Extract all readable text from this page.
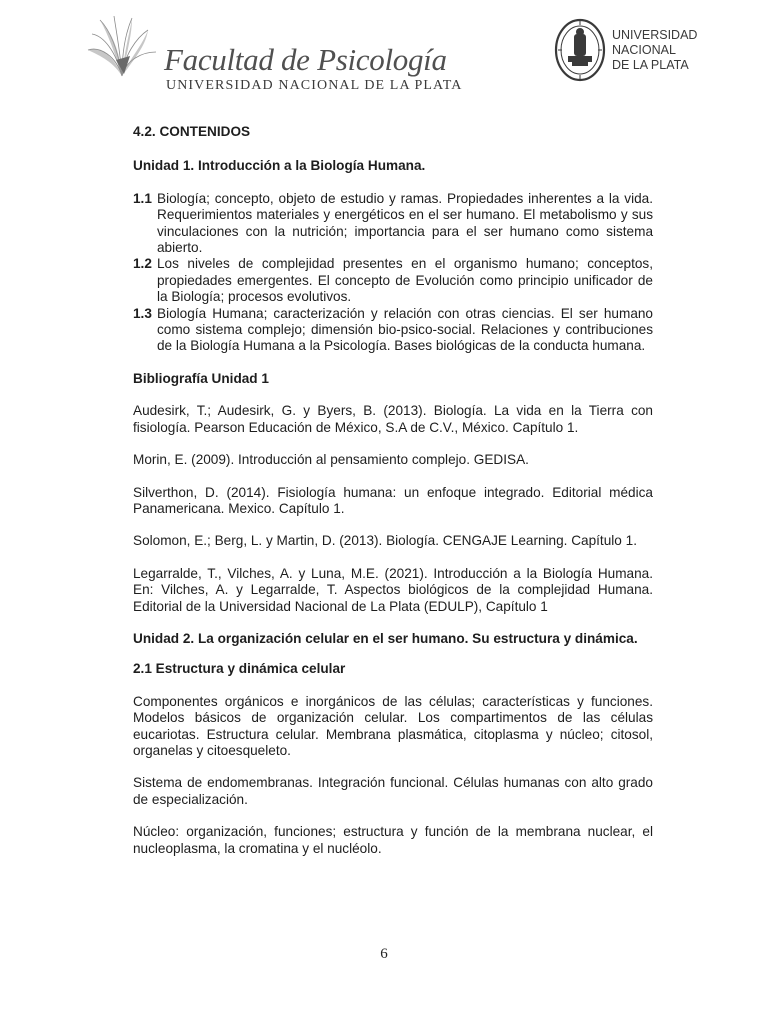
Facultad de Psicología
UNIVERSIDAD NACIONAL DE LA PLATA
UNIVERSIDAD
NACIONAL
DE LA PLATA

4.2. CONTENIDOS

Unidad 1. Introducción a la Biología Humana.

1.1 Biología; concepto, objeto de estudio y ramas. Propiedades inherentes a la vida. Requerimientos materiales y energéticos en el ser humano. El metabolismo y sus vinculaciones con la nutrición; importancia para el ser humano como sistema abierto.
1.2 Los niveles de complejidad presentes en el organismo humano; conceptos, propiedades emergentes. El concepto de Evolución como principio unificador de la Biología; procesos evolutivos.
1.3 Biología Humana; caracterización y relación con otras ciencias. El ser humano como sistema complejo; dimensión bio-psico-social. Relaciones y contribuciones de la Biología Humana a la Psicología. Bases biológicas de la conducta humana.

Bibliografía Unidad 1

Audesirk, T.; Audesirk, G. y Byers, B. (2013). Biología. La vida en la Tierra con fisiología. Pearson Educación de México, S.A de C.V., México. Capítulo 1.

Morin, E. (2009). Introducción al pensamiento complejo. GEDISA.

Silverthon, D. (2014). Fisiología humana: un enfoque integrado. Editorial médica Panamericana. Mexico. Capítulo 1.

Solomon, E.; Berg, L. y Martin, D. (2013). Biología. CENGAJE Learning. Capítulo 1.

Legarralde, T., Vilches, A. y Luna, M.E. (2021). Introducción a la Biología Humana. En: Vilches, A. y Legarralde, T. Aspectos biológicos de la complejidad Humana. Editorial de la Universidad Nacional de La Plata (EDULP), Capítulo 1

Unidad 2. La organización celular en el ser humano. Su estructura y dinámica.

2.1 Estructura y dinámica celular

Componentes orgánicos e inorgánicos de las células; características y funciones. Modelos básicos de organización celular. Los compartimentos de las células eucariotas. Estructura celular. Membrana plasmática, citoplasma y núcleo; citosol, organelas y citoesqueleto.

Sistema de endomembranas. Integración funcional. Células humanas con alto grado de especialización.

Núcleo: organización, funciones; estructura y función de la membrana nuclear, el nucleoplasma, la cromatina y el nucléolo.

6
